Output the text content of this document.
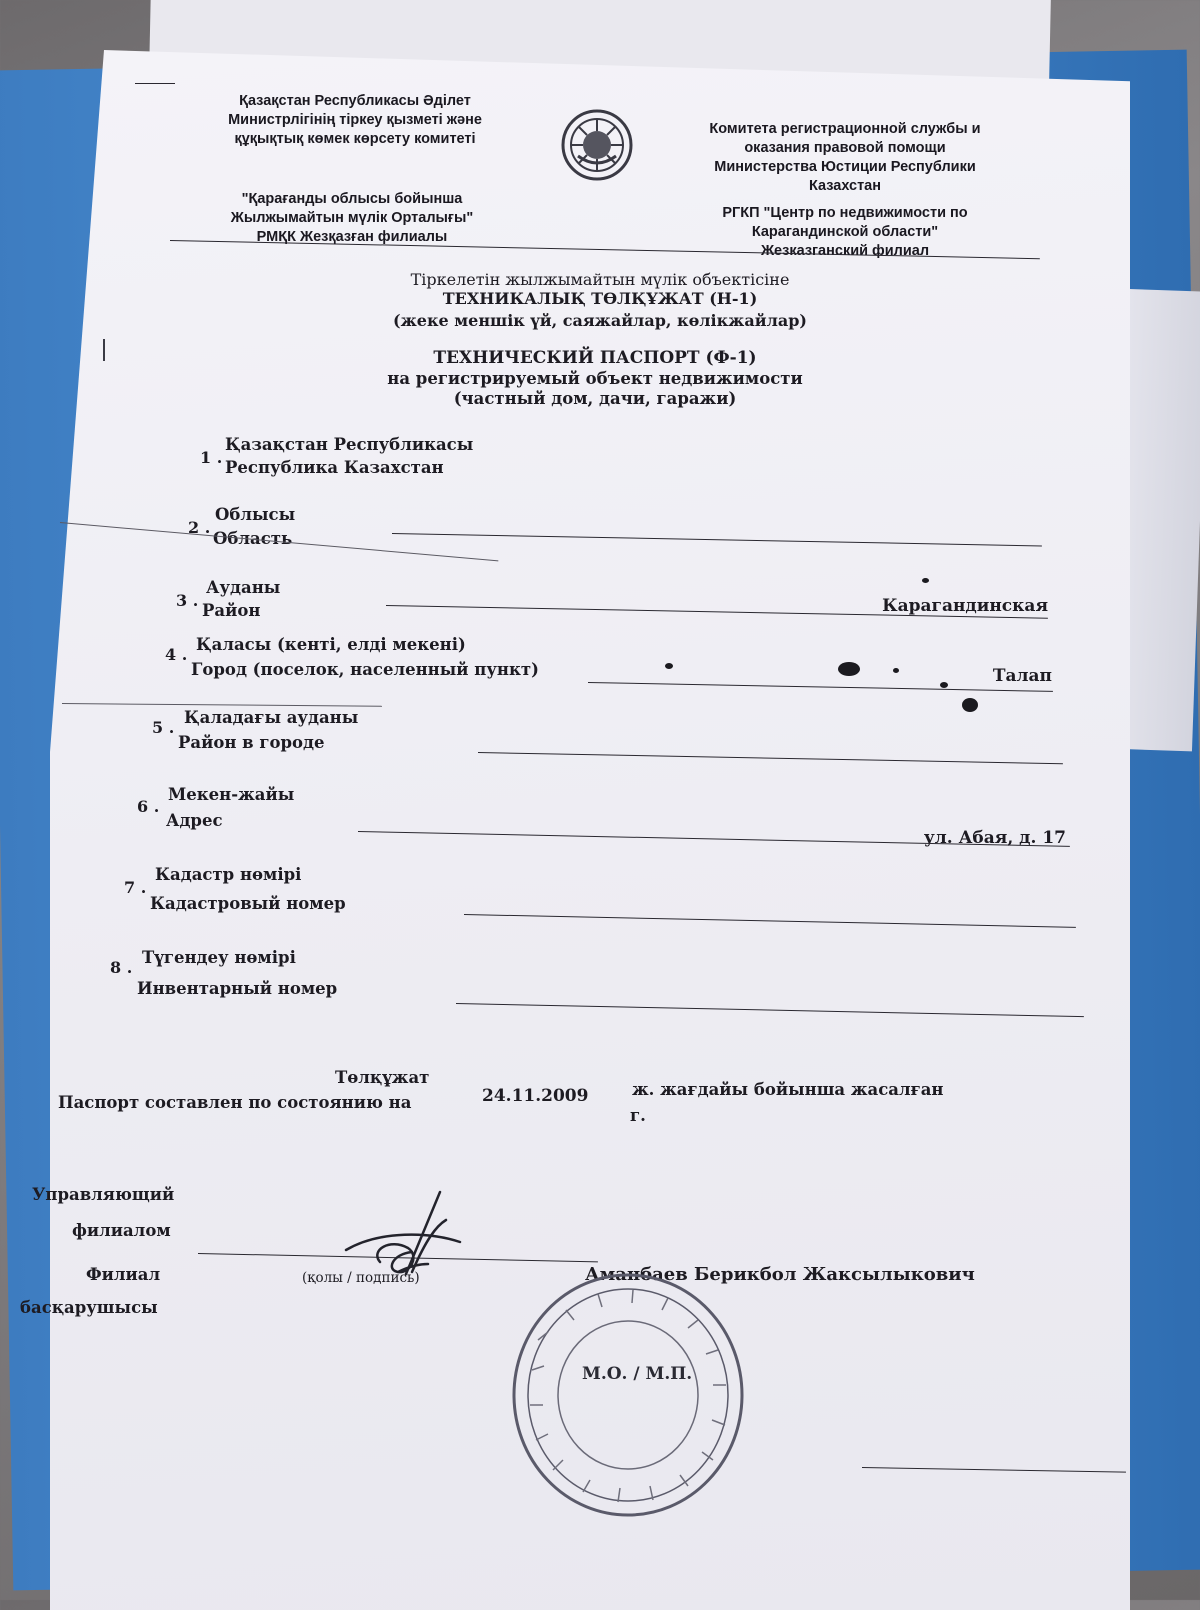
Қазақстан Республикасы Әділет
Министрлігінің тіркеу қызметі және
құқықтық көмек көрсету комитеті
"Қарағанды облысы бойынша
Жылжымайтын мүлік Орталығы"
РМҚК Жезқазған филиалы
Комитета регистрационной службы и
оказания правовой помощи
Министерства Юстиции Республики
Казахстан
РГКП "Центр по недвижимости по
Карагандинской области"
Жезказганский филиал
Тіркелетін жылжымайтын мүлік объектісіне
ТЕХНИКАЛЫҚ ТӨЛҚҰЖАТ (Н-1)
(жеке меншік үй, саяжайлар, көлікжайлар)
ТЕХНИЧЕСКИЙ ПАСПОРТ (Ф-1)
на регистрируемый объект недвижимости
(частный дом, дачи, гаражи)
1 .
Қазақстан Республикасы
Республика Казахстан
2 .
Облысы
Область
3 .
Ауданы
Район	Карагандинская
4 .
Қаласы (кенті, елді мекені)
Город (поселок, населенный пункт)	Талап
5 .
Қаладағы ауданы
Район в городе
6 .
Мекен-жайы
Адрес
ул. Абая, д. 17
7 .
Кадастр нөмірі
Кадастровый номер
8 .
Түгендеу нөмірі
Инвентарный номер
Төлқұжат
Паспорт составлен по состоянию на	24.11.2009	ж. жағдайы бойынша жасалған
г.
Управляющий
филиалом
Филиал
басқарушысы
(қолы / подпись)	Аманбаев Берикбол Жаксылыкович
М.О. / М.П.
